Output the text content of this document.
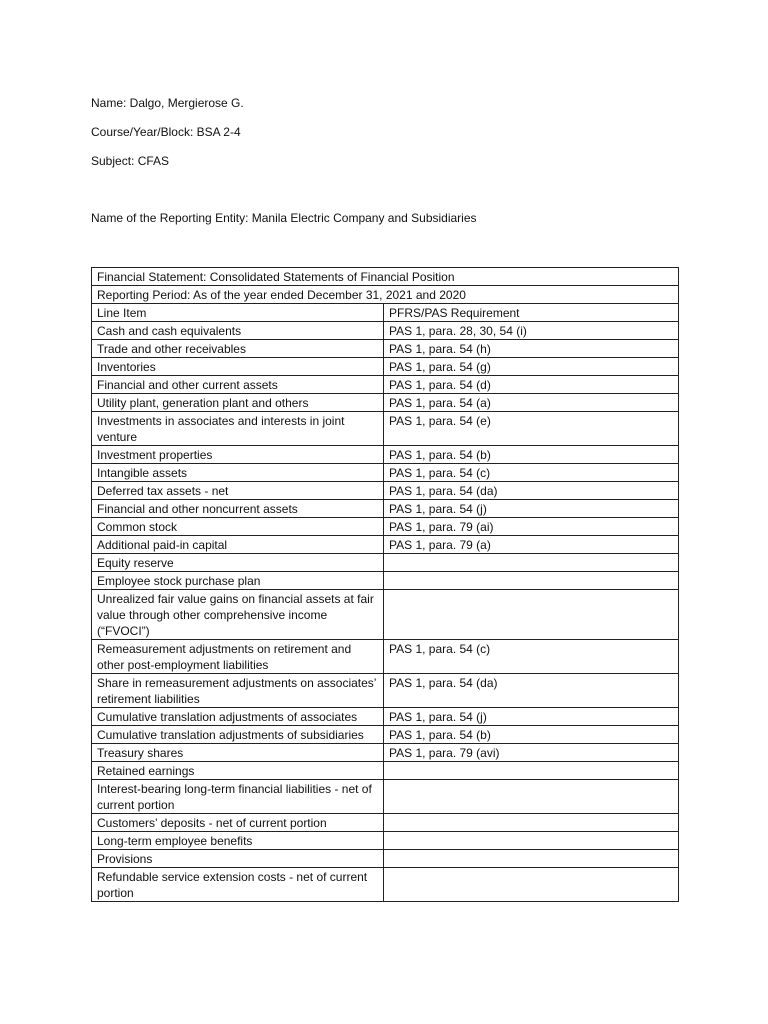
Name: Dalgo, Mergierose G.
Course/Year/Block: BSA 2-4
Subject: CFAS
Name of the Reporting Entity: Manila Electric Company and Subsidiaries
Financial Statement: Consolidated Statements of Financial Position	
Reporting Period: As of the year ended December 31, 2021 and 2020	
Line Item	PFRS/PAS Requirement
Cash and cash equivalents	PAS 1, para. 28, 30, 54 (i)
Trade and other receivables	PAS 1, para. 54 (h)
Inventories	PAS 1, para. 54 (g)
Financial and other current assets	PAS 1, para. 54 (d)
Utility plant, generation plant and others	PAS 1, para. 54 (a)
Investments in associates and interests in joint venture	PAS 1, para. 54 (e)
Investment properties	PAS 1, para. 54 (b)
Intangible assets	PAS 1, para. 54 (c)
Deferred tax assets - net	PAS 1, para. 54 (da)
Financial and other noncurrent assets	PAS 1, para. 54 (j)
Common stock	PAS 1, para. 79 (ai)
Additional paid-in capital	PAS 1, para. 79 (a)
Equity reserve	
Employee stock purchase plan	
Unrealized fair value gains on financial assets at fair value through other comprehensive income (“FVOCI”)	
Remeasurement adjustments on retirement and other post-employment liabilities	PAS 1, para. 54 (c)
Share in remeasurement adjustments on associates’ retirement liabilities	PAS 1, para. 54 (da)
Cumulative translation adjustments of associates	PAS 1, para. 54 (j)
Cumulative translation adjustments of subsidiaries	PAS 1, para. 54 (b)
Treasury shares	PAS 1, para. 79 (avi)
Retained earnings	
Interest-bearing long-term financial liabilities - net of current portion	
Customers’ deposits - net of current portion	
Long-term employee benefits	
Provisions	
Refundable service extension costs - net of current portion	
